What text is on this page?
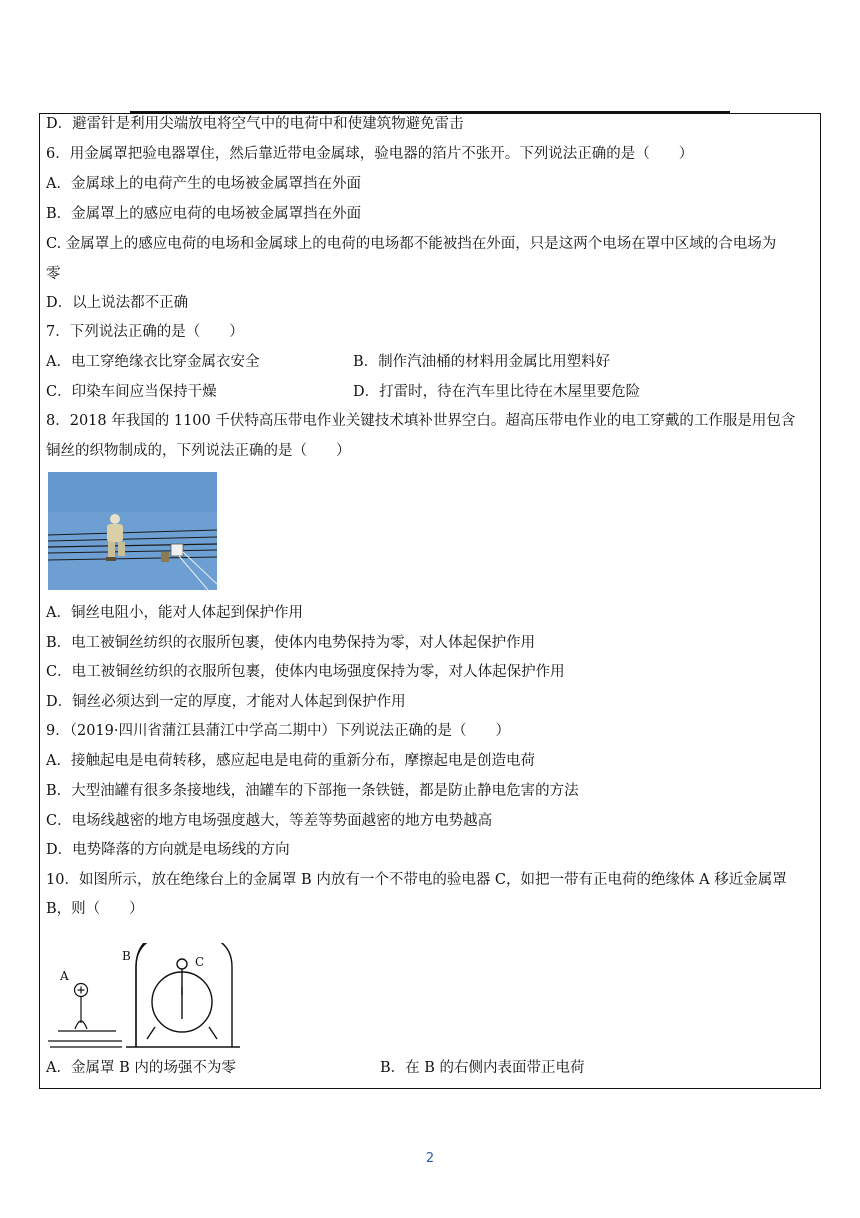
D．避雷针是利用尖端放电将空气中的电荷中和使建筑物避免雷击
6．用金属罩把验电器罩住，然后靠近带电金属球，验电器的箔片不张开。下列说法正确的是（　　）
A．金属球上的电荷产生的电场被金属罩挡在外面
B．金属罩上的感应电荷的电场被金属罩挡在外面
C. 金属罩上的感应电荷的电场和金属球上的电荷的电场都不能被挡在外面，只是这两个电场在罩中区域的合电场为
零
D．以上说法都不正确
7．下列说法正确的是（　　）
A．电工穿绝缘衣比穿金属衣安全	B．制作汽油桶的材料用金属比用塑料好
C．印染车间应当保持干燥	D．打雷时，待在汽车里比待在木屋里要危险
8．2018 年我国的 1100 千伏特高压带电作业关键技术填补世界空白。超高压带电作业的电工穿戴的工作服是用包含
铜丝的织物制成的，下列说法正确的是（　　）
A．铜丝电阻小，能对人体起到保护作用
B．电工被铜丝纺织的衣服所包裹，使体内电势保持为零，对人体起保护作用
C．电工被铜丝纺织的衣服所包裹，使体内电场强度保持为零，对人体起保护作用
D．铜丝必须达到一定的厚度，才能对人体起到保护作用
9．（2019·四川省蒲江县蒲江中学高二期中）下列说法正确的是（　　）
A．接触起电是电荷转移，感应起电是电荷的重新分布，摩擦起电是创造电荷
B．大型油罐有很多条接地线，油罐车的下部拖一条铁链，都是防止静电危害的方法
C．电场线越密的地方电场强度越大，等差等势面越密的地方电势越高
D．电势降落的方向就是电场线的方向
10．如图所示，放在绝缘台上的金属罩 B 内放有一个不带电的验电器 C，如把一带有正电荷的绝缘体 A 移近金属罩
B，则（　　）
A
B	C
A．金属罩 B 内的场强不为零	B．在 B 的右侧内表面带正电荷
2
